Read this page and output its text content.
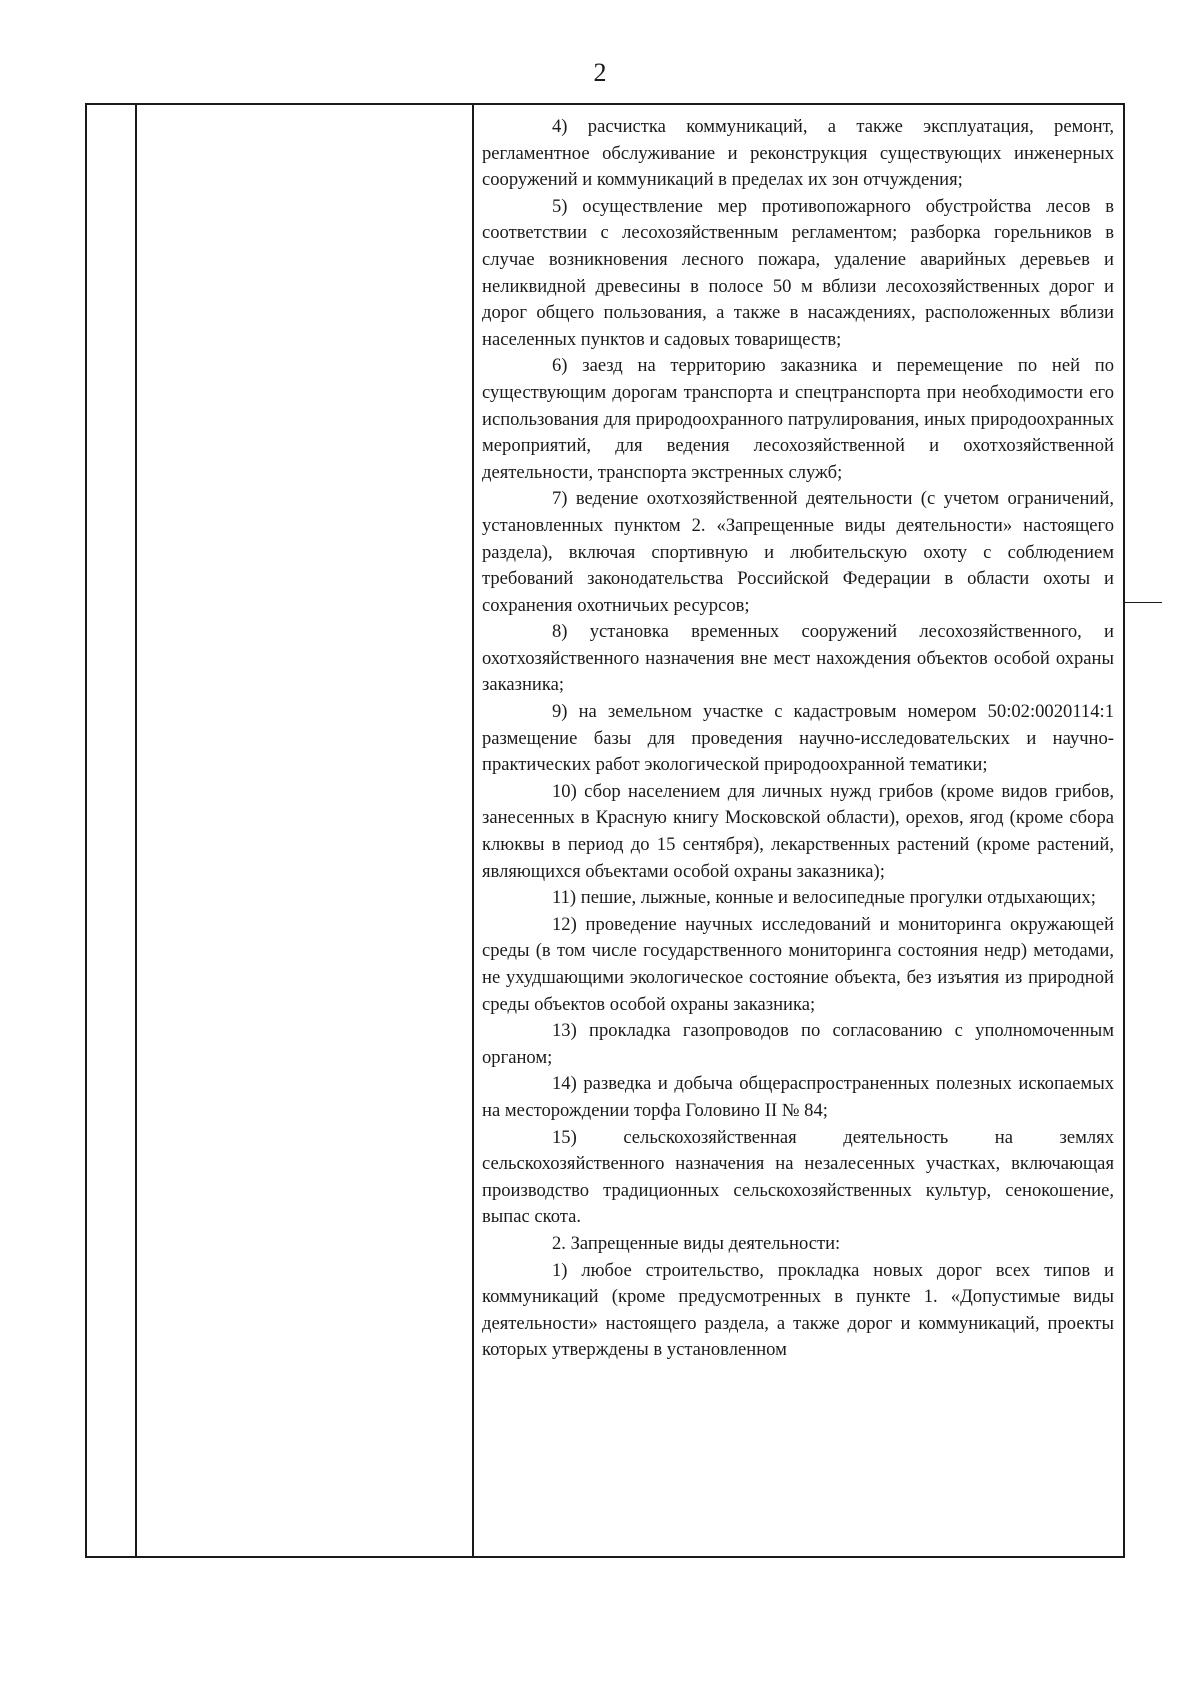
2

4) расчистка коммуникаций, а также эксплуатация, ремонт, регламентное обслуживание и реконструкция существующих инженерных сооружений и коммуникаций в пределах их зон отчуждения;

5) осуществление мер противопожарного обустройства лесов в соответствии с лесохозяйственным регламентом; разборка горельников в случае возникновения лесного пожара, удаление аварийных деревьев и неликвидной древесины в полосе 50 м вблизи лесохозяйственных дорог и дорог общего пользования, а также в насаждениях, расположенных вблизи населенных пунктов и садовых товариществ;

6) заезд на территорию заказника и перемещение по ней по существующим дорогам транспорта и спецтранспорта при необходимости его использования для природоохранного патрулирования, иных природоохранных мероприятий, для ведения лесохозяйственной и охотхозяйственной деятельности, транспорта экстренных служб;

7) ведение охотхозяйственной деятельности (с учетом ограничений, установленных пунктом 2. «Запрещенные виды деятельности» настоящего раздела), включая спортивную и любительскую охоту с соблюдением требований законодательства Российской Федерации в области охоты и сохранения охотничьих ресурсов;

8) установка временных сооружений лесохозяйственного, и охотхозяйственного назначения вне мест нахождения объектов особой охраны заказника;

9) на земельном участке с кадастровым номером 50:02:0020114:1 размещение базы для проведения научно-исследовательских и научно-практических работ экологической природоохранной тематики;

10) сбор населением для личных нужд грибов (кроме видов грибов, занесенных в Красную книгу Московской области), орехов, ягод (кроме сбора клюквы в период до 15 сентября), лекарственных растений (кроме растений, являющихся объектами особой охраны заказника);

11) пешие, лыжные, конные и велосипедные прогулки отдыхающих;

12) проведение научных исследований и мониторинга окружающей среды (в том числе государственного мониторинга состояния недр) методами, не ухудшающими экологическое состояние объекта, без изъятия из природной среды объектов особой охраны заказника;

13) прокладка газопроводов по согласованию с уполномоченным органом;

14) разведка и добыча общераспространенных полезных ископаемых на месторождении торфа Головино II № 84;

15) сельскохозяйственная деятельность на землях сельскохозяйственного назначения на незалесенных участках, включающая производство традиционных сельскохозяйственных культур, сенокошение, выпас скота.

2. Запрещенные виды деятельности:

1) любое строительство, прокладка новых дорог всех типов и коммуникаций (кроме предусмотренных в пункте 1. «Допустимые виды деятельности» настоящего раздела, а также дорог и коммуникаций, проекты которых утверждены в установленном
